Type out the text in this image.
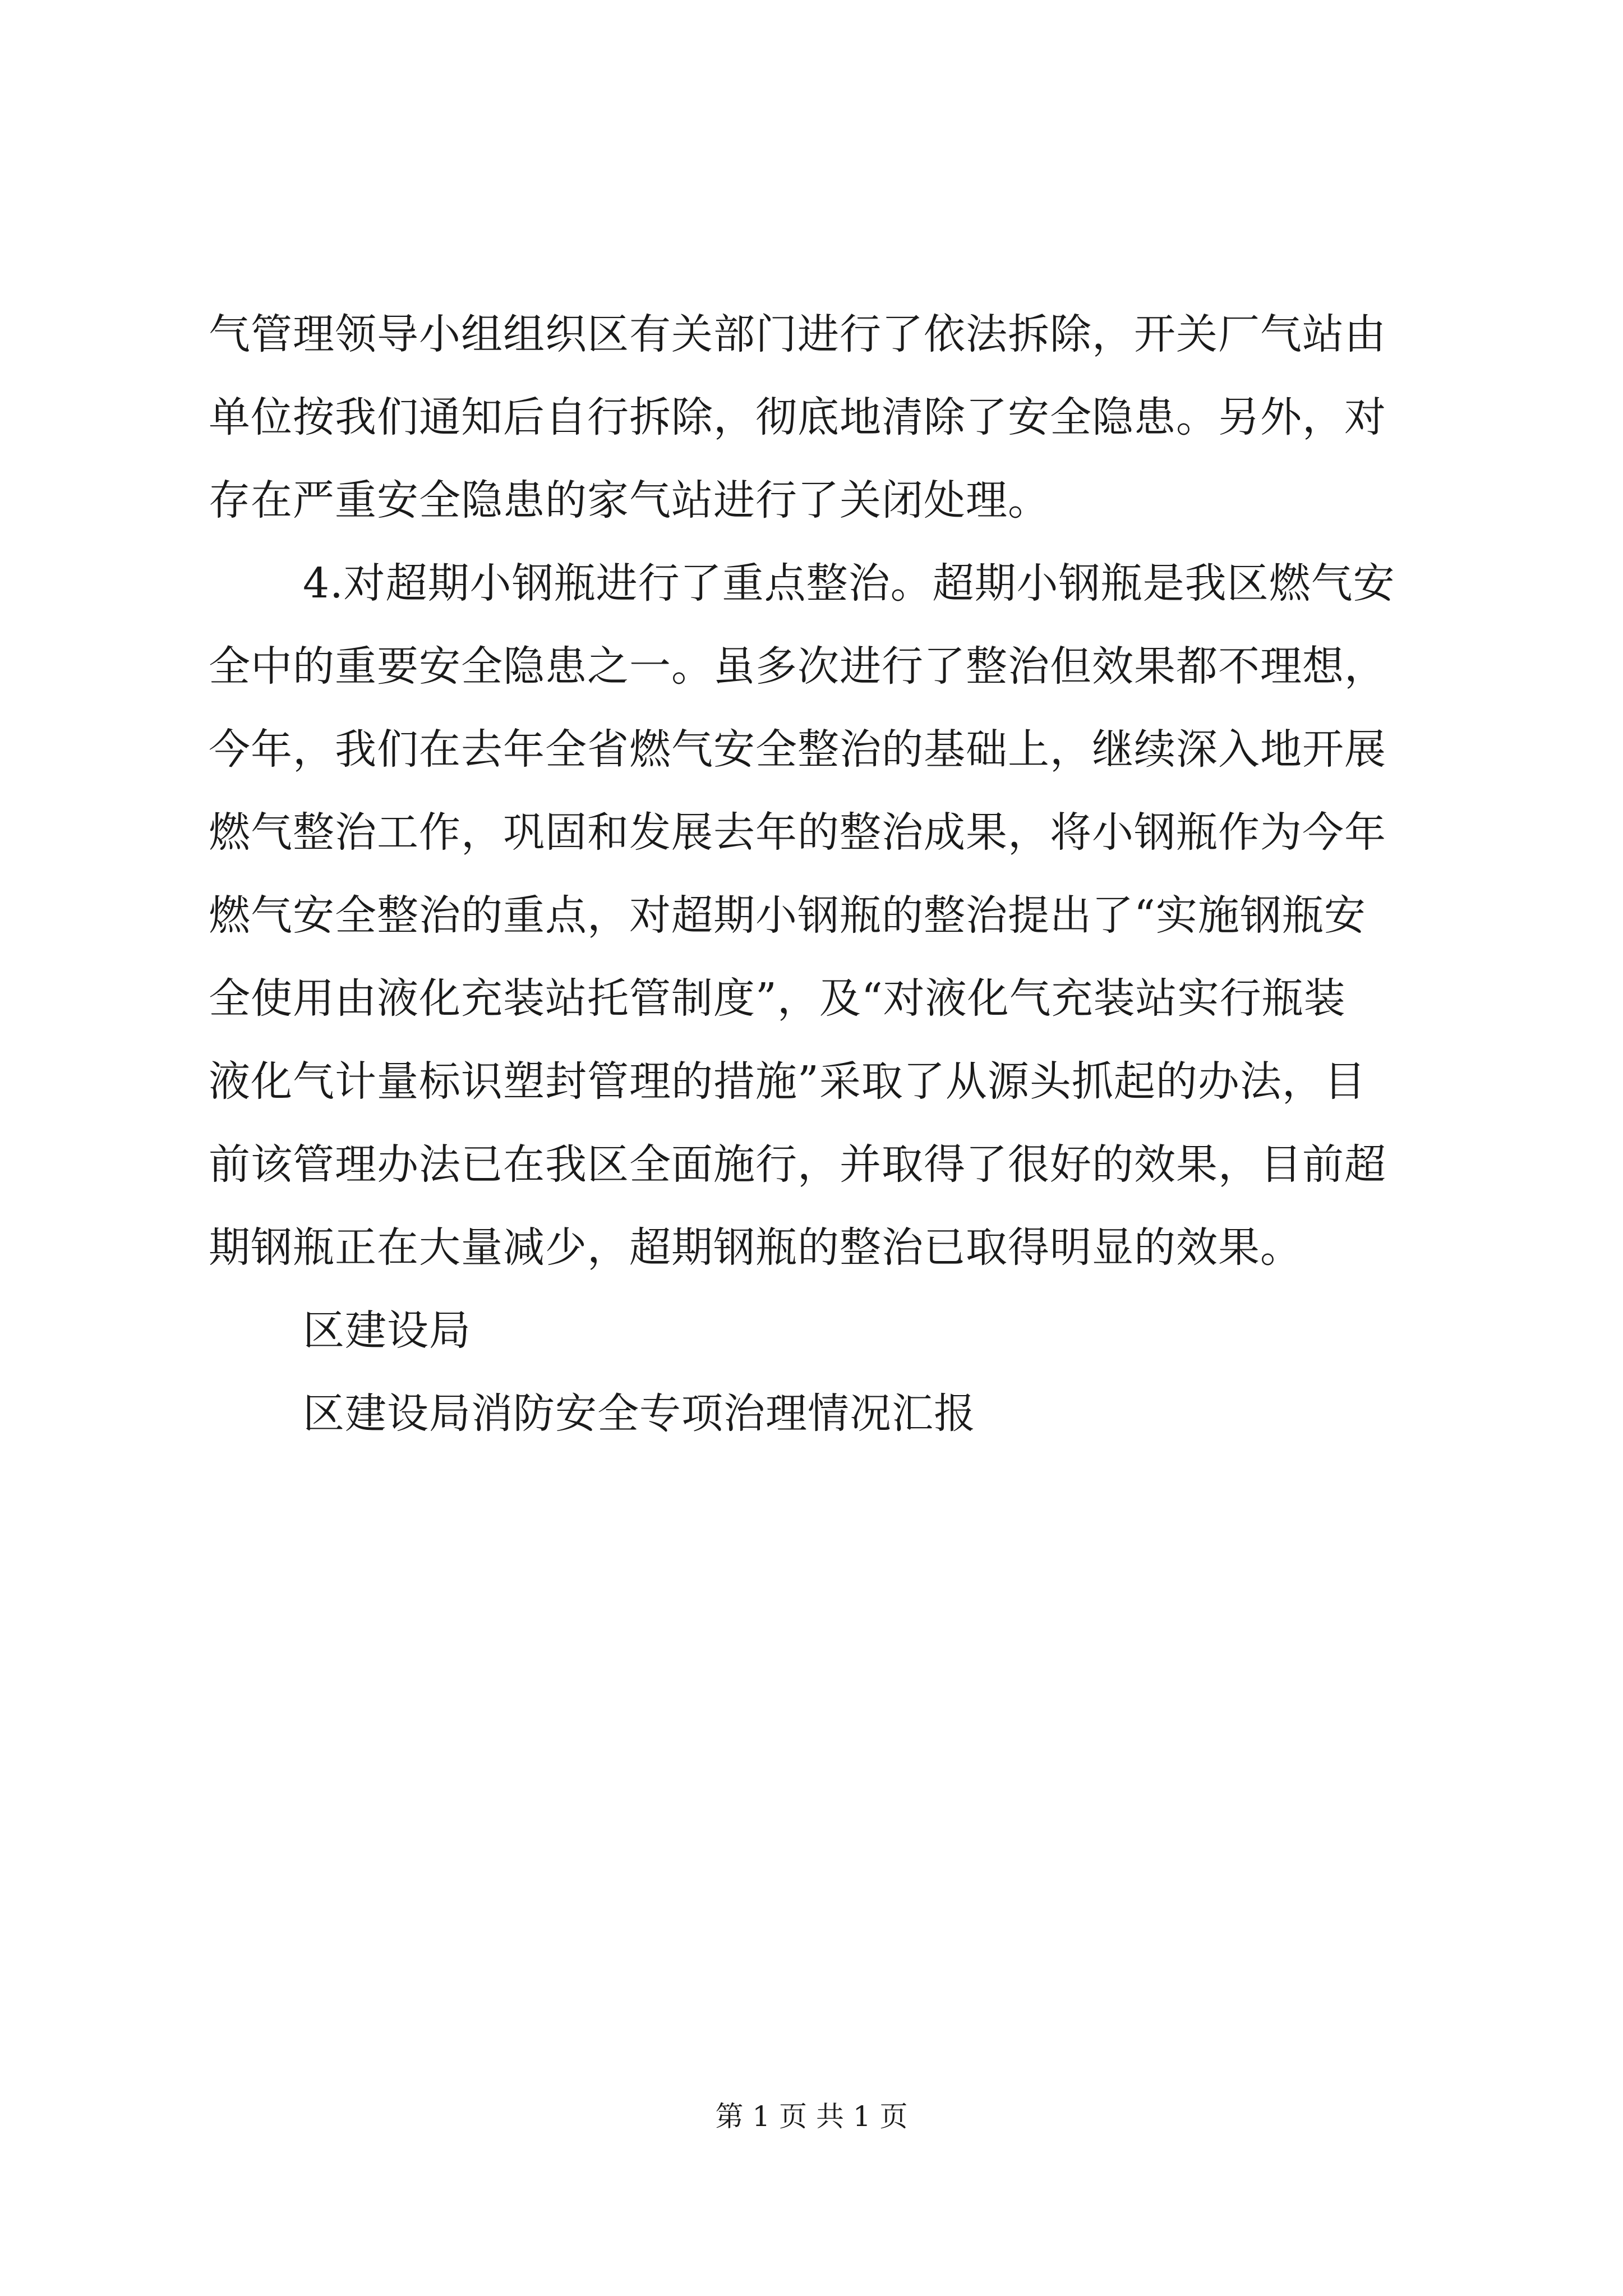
气管理领导小组组织区有关部门进行了依法拆除，开关厂气站由
单位按我们通知后自行拆除，彻底地清除了安全隐患。另外，对
存在严重安全隐患的家气站进行了关闭处理。
4.对超期小钢瓶进行了重点整治。超期小钢瓶是我区燃气安
全中的重要安全隐患之一。虽多次进行了整治但效果都不理想，
今年，我们在去年全省燃气安全整治的基础上，继续深入地开展
燃气整治工作，巩固和发展去年的整治成果，将小钢瓶作为今年
燃气安全整治的重点，对超期小钢瓶的整治提出了“实施钢瓶安
全使用由液化充装站托管制度”，及“对液化气充装站实行瓶装
液化气计量标识塑封管理的措施”采取了从源头抓起的办法，目
前该管理办法已在我区全面施行，并取得了很好的效果，目前超
期钢瓶正在大量减少，超期钢瓶的整治已取得明显的效果。
区建设局
区建设局消防安全专项治理情况汇报
第 1 页 共 1 页
